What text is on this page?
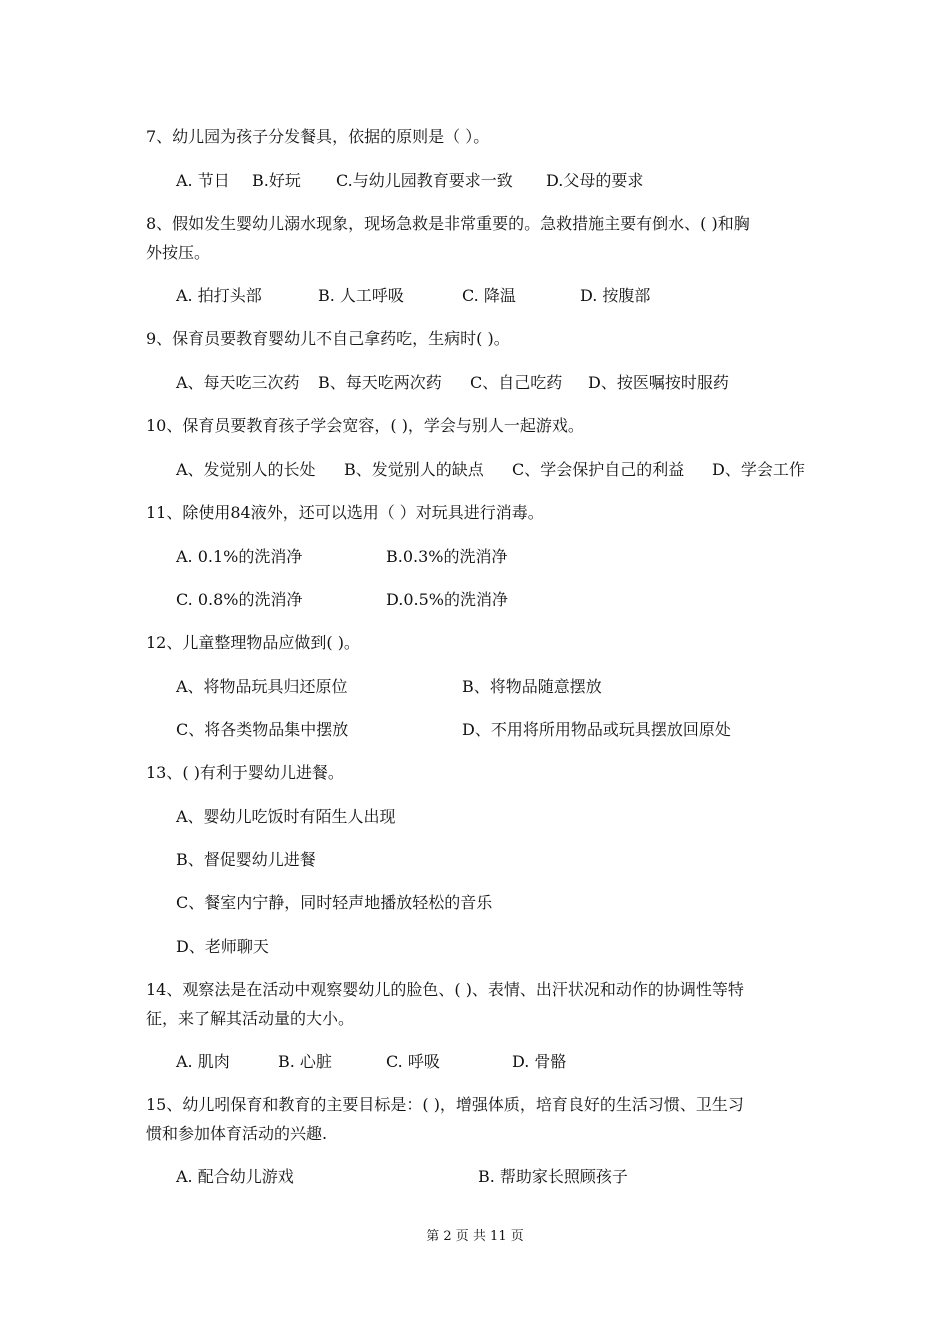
7、幼儿园为孩子分发餐具，依据的原则是（ ）。
A. 节日 B.好玩 C.与幼儿园教育要求一致 D.父母的要求
8、假如发生婴幼儿溺水现象，现场急救是非常重要的。急救措施主要有倒水、( )和胸
外按压。
A. 拍打头部	B. 人工呼吸	C. 降温	D. 按腹部
9、保育员要教育婴幼儿不自己拿药吃，生病时( )。
A、每天吃三次药 B、每天吃两次药 C、自己吃药 D、按医嘱按时服药
10、保育员要教育孩子学会宽容，( )，学会与别人一起游戏。
A、发觉别人的长处 B、发觉别人的缺点 C、学会保护自己的利益 D、学会工作
11、除使用84液外，还可以选用（ ）对玩具进行消毒。
A. 0.1%的洗消净	B.0.3%的洗消净
C. 0.8%的洗消净	D.0.5%的洗消净
12、儿童整理物品应做到( )。
A、将物品玩具归还原位	B、将物品随意摆放
C、将各类物品集中摆放	D、不用将所用物品或玩具摆放回原处
13、( )有利于婴幼儿进餐。
A、婴幼儿吃饭时有陌生人出现
B、督促婴幼儿进餐
C、餐室内宁静，同时轻声地播放轻松的音乐
D、老师聊天
14、观察法是在活动中观察婴幼儿的脸色、( )、表情、出汗状况和动作的协调性等特
征，来了解其活动量的大小。
A. 肌肉	B. 心脏	C. 呼吸	D. 骨骼
15、幼儿吲保育和教育的主要目标是：( )，增强体质，培育良好的生活习惯、卫生习
惯和参加体育活动的兴趣.
A. 配合幼儿游戏	B. 帮助家长照顾孩子
第 2 页 共 11 页
